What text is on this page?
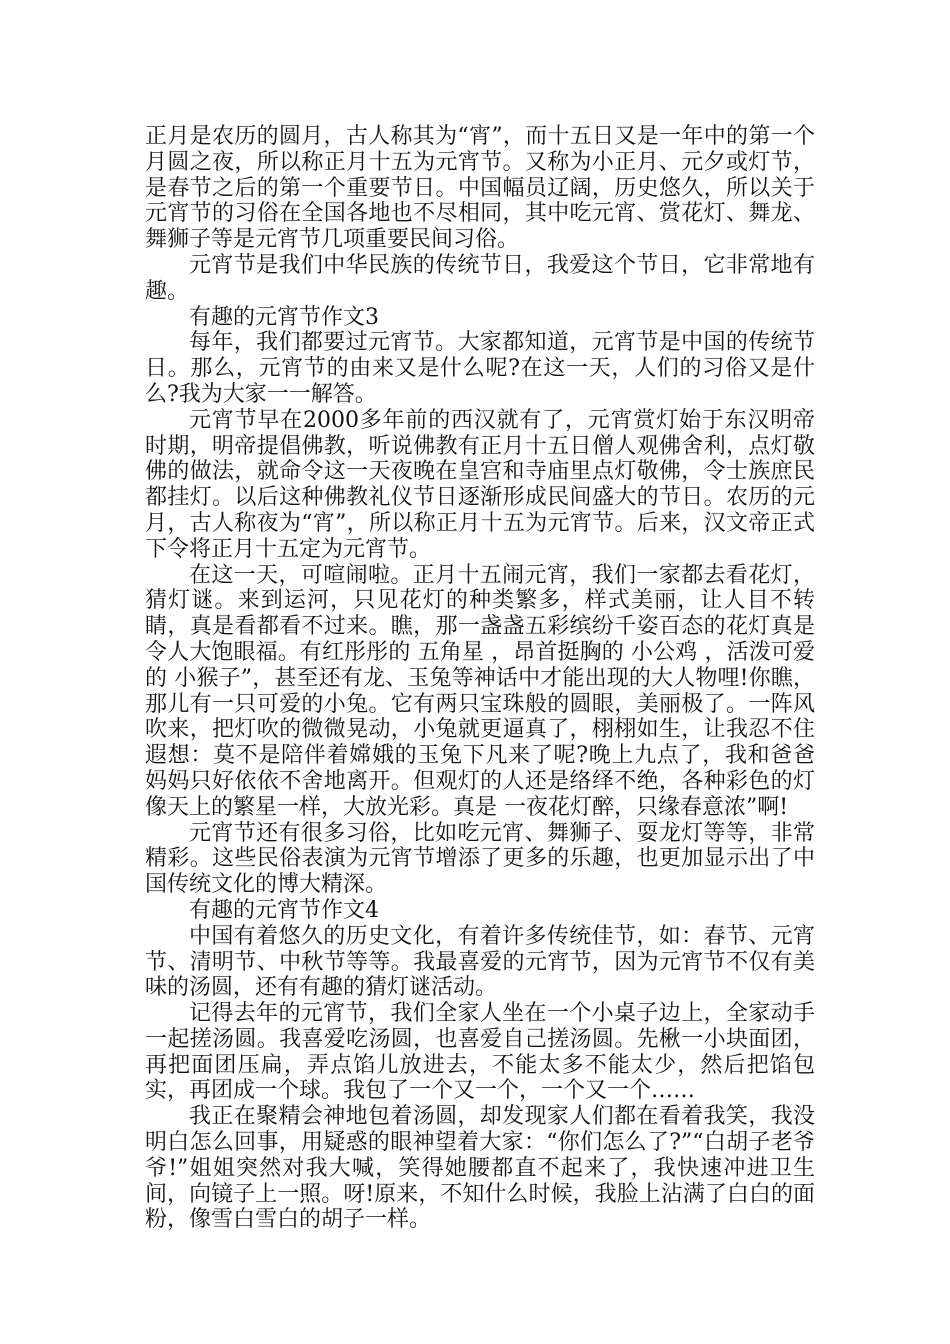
正月是农历的圆月，古人称其为“宵”，而十五日又是一年中的第一个月圆之夜，所以称正月十五为元宵节。又称为小正月、元夕或灯节，是春节之后的第一个重要节日。中国幅员辽阔，历史悠久，所以关于元宵节的习俗在全国各地也不尽相同，其中吃元宵、赏花灯、舞龙、舞狮子等是元宵节几项重要民间习俗。

元宵节是我们中华民族的传统节日，我爱这个节日，它非常地有趣。

有趣的元宵节作文3

每年，我们都要过元宵节。大家都知道，元宵节是中国的传统节日。那么，元宵节的由来又是什么呢?在这一天，人们的习俗又是什么?我为大家一一解答。

元宵节早在2000多年前的西汉就有了，元宵赏灯始于东汉明帝时期，明帝提倡佛教，听说佛教有正月十五日僧人观佛舍利，点灯敬佛的做法，就命令这一天夜晚在皇宫和寺庙里点灯敬佛，令士族庶民都挂灯。以后这种佛教礼仪节日逐渐形成民间盛大的节日。农历的元月，古人称夜为“宵”，所以称正月十五为元宵节。后来，汉文帝正式下令将正月十五定为元宵节。

在这一天，可喧闹啦。正月十五闹元宵，我们一家都去看花灯，猜灯谜。来到运河，只见花灯的种类繁多，样式美丽，让人目不转睛，真是看都看不过来。瞧，那一盏盏五彩缤纷千姿百态的花灯真是令人大饱眼福。有红彤彤的 五角星 ，昂首挺胸的 小公鸡 ，活泼可爱的 小猴子”，甚至还有龙、玉兔等神话中才能出现的大人物哩!你瞧，那儿有一只可爱的小兔。它有两只宝珠般的圆眼，美丽极了。一阵风吹来，把灯吹的微微晃动，小兔就更逼真了，栩栩如生，让我忍不住遐想：莫不是陪伴着嫦娥的玉兔下凡来了呢?晚上九点了，我和爸爸妈妈只好依依不舍地离开。但观灯的人还是络绎不绝，各种彩色的灯像天上的繁星一样，大放光彩。真是 一夜花灯醉，只缘春意浓”啊!

元宵节还有很多习俗，比如吃元宵、舞狮子、耍龙灯等等，非常精彩。这些民俗表演为元宵节增添了更多的乐趣，也更加显示出了中国传统文化的博大精深。

有趣的元宵节作文4

中国有着悠久的历史文化，有着许多传统佳节，如：春节、元宵节、清明节、中秋节等等。我最喜爱的元宵节，因为元宵节不仅有美味的汤圆，还有有趣的猜灯谜活动。

记得去年的元宵节，我们全家人坐在一个小桌子边上，全家动手一起搓汤圆。我喜爱吃汤圆，也喜爱自己搓汤圆。先楸一小块面团，再把面团压扁，弄点馅儿放进去，不能太多不能太少，然后把馅包实，再团成一个球。我包了一个又一个，一个又一个……

我正在聚精会神地包着汤圆，却发现家人们都在看着我笑，我没明白怎么回事，用疑惑的眼神望着大家：“你们怎么了?”“白胡子老爷爷!”姐姐突然对我大喊，笑得她腰都直不起来了，我快速冲进卫生间，向镜子上一照。呀!原来，不知什么时候，我脸上沾满了白白的面粉，像雪白雪白的胡子一样。
